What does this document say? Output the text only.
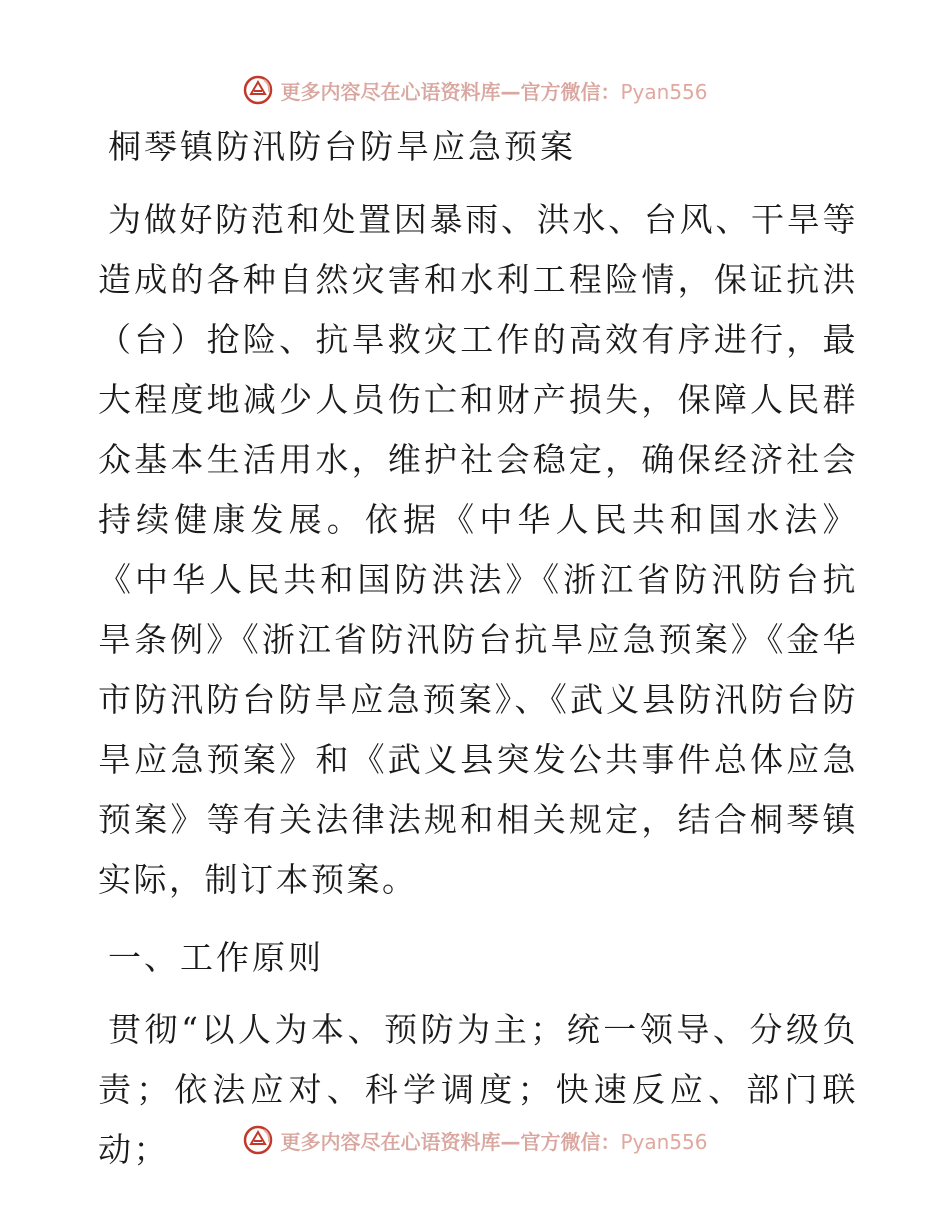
更多内容尽在心语资料库—官方微信：Pyan556
桐琴镇防汛防台防旱应急预案

为做好防范和处置因暴雨、洪水、台风、干旱等造成的各种自然灾害和水利工程险情，保证抗洪（台）抢险、抗旱救灾工作的高效有序进行，最大程度地减少人员伤亡和财产损失，保障人民群众基本生活用水，维护社会稳定，确保经济社会持续健康发展。依据《中华人民共和国水法》《中华人民共和国防洪法》《浙江省防汛防台抗旱条例》《浙江省防汛防台抗旱应急预案》《金华市防汛防台防旱应急预案》、《武义县防汛防台防旱应急预案》和《武义县突发公共事件总体应急预案》等有关法律法规和相关规定，结合桐琴镇实际，制订本预案。

一、工作原则

贯彻“以人为本、预防为主；统一领导、分级负责；依法应对、科学调度；快速反应、部门联动；	更多内容尽在心语资料库—官方微信：Pyan556
